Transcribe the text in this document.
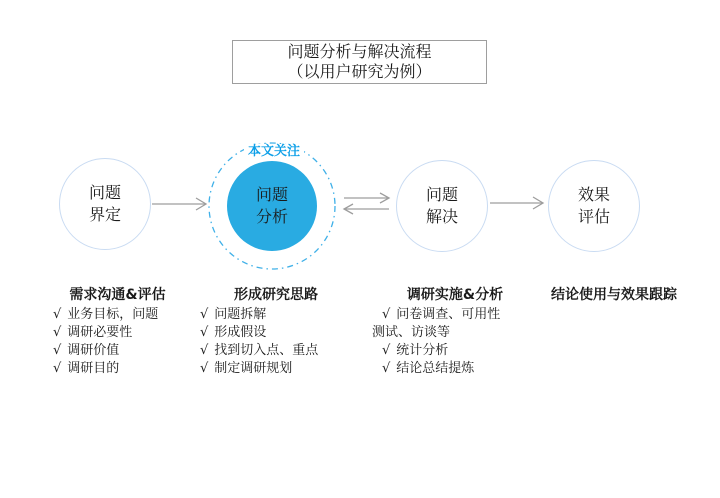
问题分析与解决流程
（以用户研究为例）
问题
界定
问题
分析
问题
解决
效果
评估
本文关注
需求沟通&评估	形成研究思路	调研实施&分析	结论使用与效果跟踪
√ 业务目标，问题
√ 调研必要性
√ 调研价值
√ 调研目的
√ 问题拆解
√ 形成假设
√ 找到切入点、重点
√ 制定调研规划
√ 问卷调查、可用性测试、访谈等
√ 统计分析
√ 结论总结提炼
